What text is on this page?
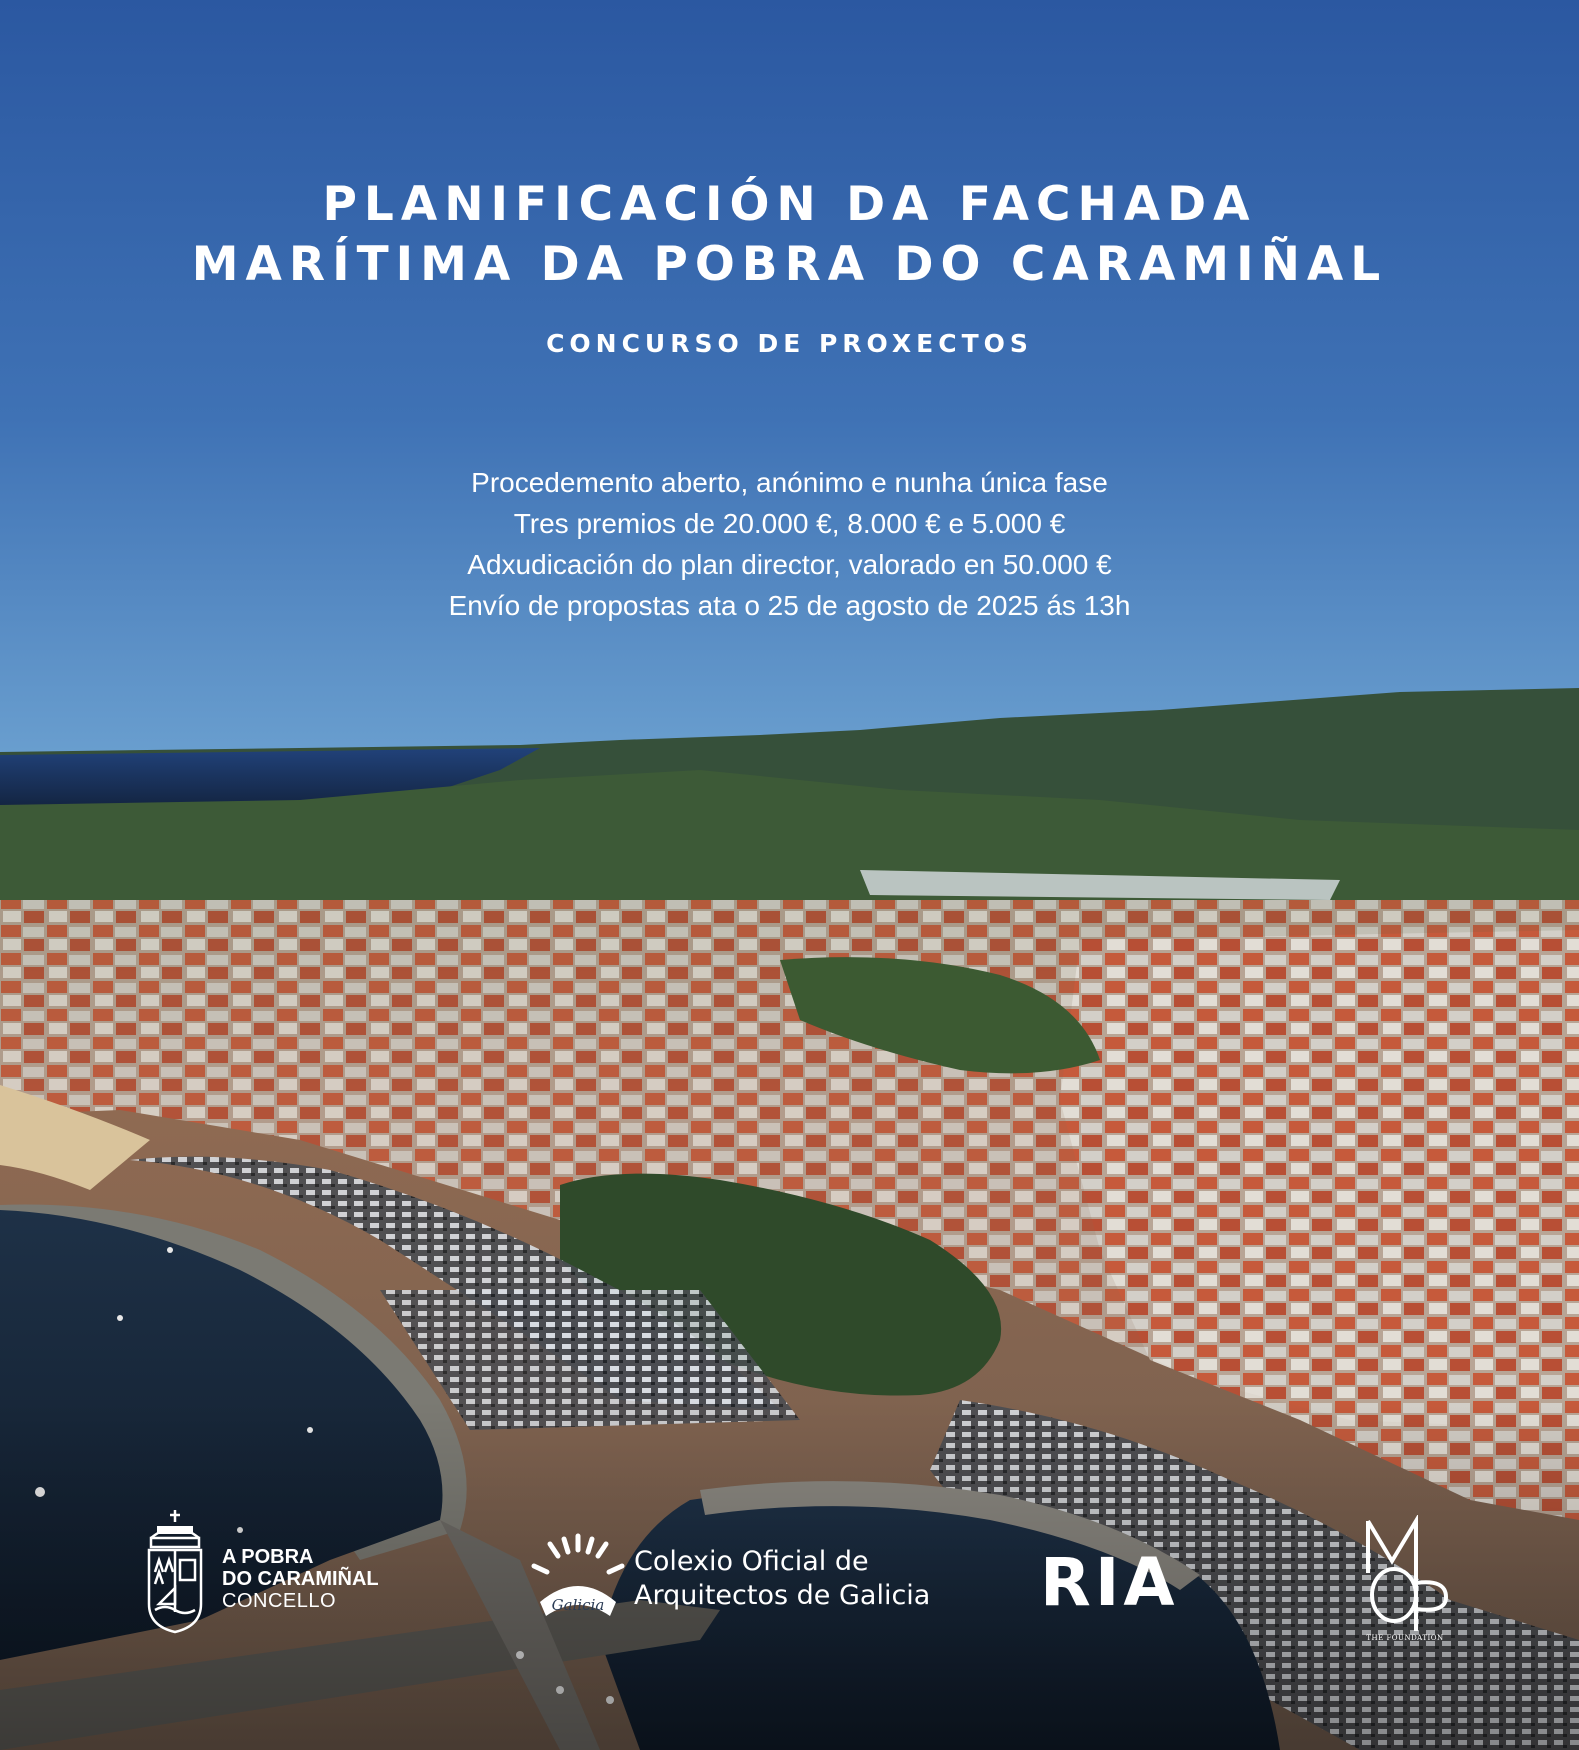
PLANIFICACIÓN DA FACHADA
MARÍTIMA DA POBRA DO CARAMIÑAL
CONCURSO DE PROXECTOS
Procedemento aberto, anónimo e nunha única fase
Tres premios de 20.000 €, 8.000 € e 5.000 €
Adxudicación do plan director, valorado en 50.000 €
Envío de propostas ata o 25 de agosto de 2025 ás 13h
A POBRA
DO CARAMIÑAL
CONCELLO	Galicia
Colexio Oficial de
Arquitectos de Galicia RIA
THE FOUNDATION
